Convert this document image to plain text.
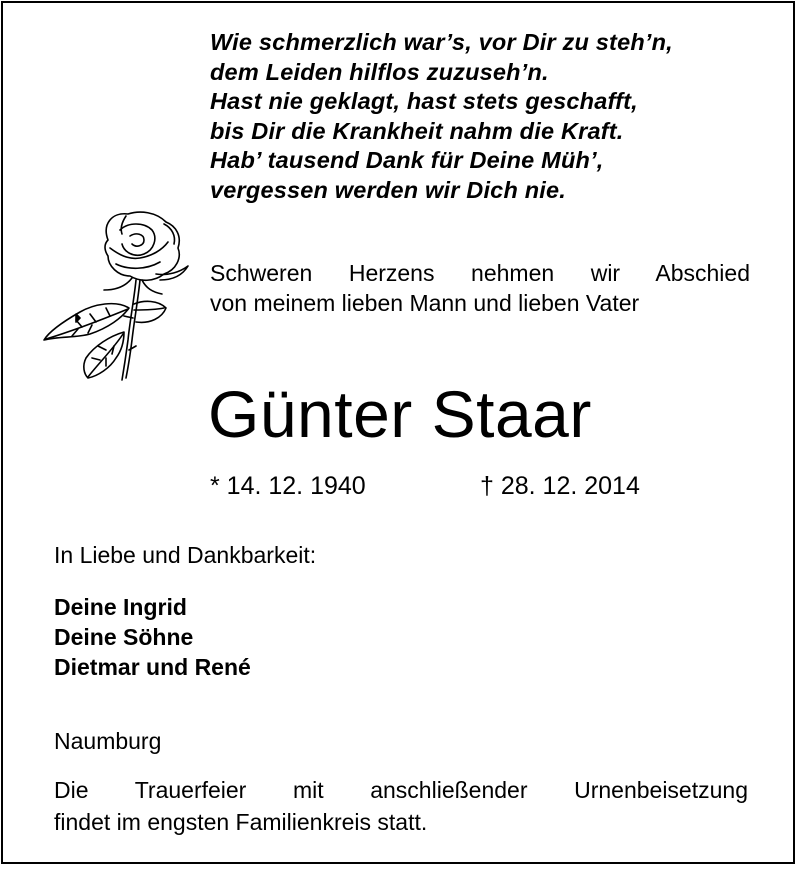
Wie schmerzlich war’s, vor Dir zu steh’n,
dem Leiden hilflos zuzuseh’n.
Hast nie geklagt, hast stets geschafft,
bis Dir die Krankheit nahm die Kraft.
Hab’ tausend Dank für Deine Müh’,
vergessen werden wir Dich nie.
Schweren Herzens nehmen wir Abschied
von meinem lieben Mann und lieben Vater
Günter Staar
* 14. 12. 1940	† 28. 12. 2014
In Liebe und Dankbarkeit:
Deine Ingrid
Deine Söhne
Dietmar und René
Naumburg
Die Trauerfeier mit anschließender Urnenbeisetzung
findet im engsten Familienkreis statt.
